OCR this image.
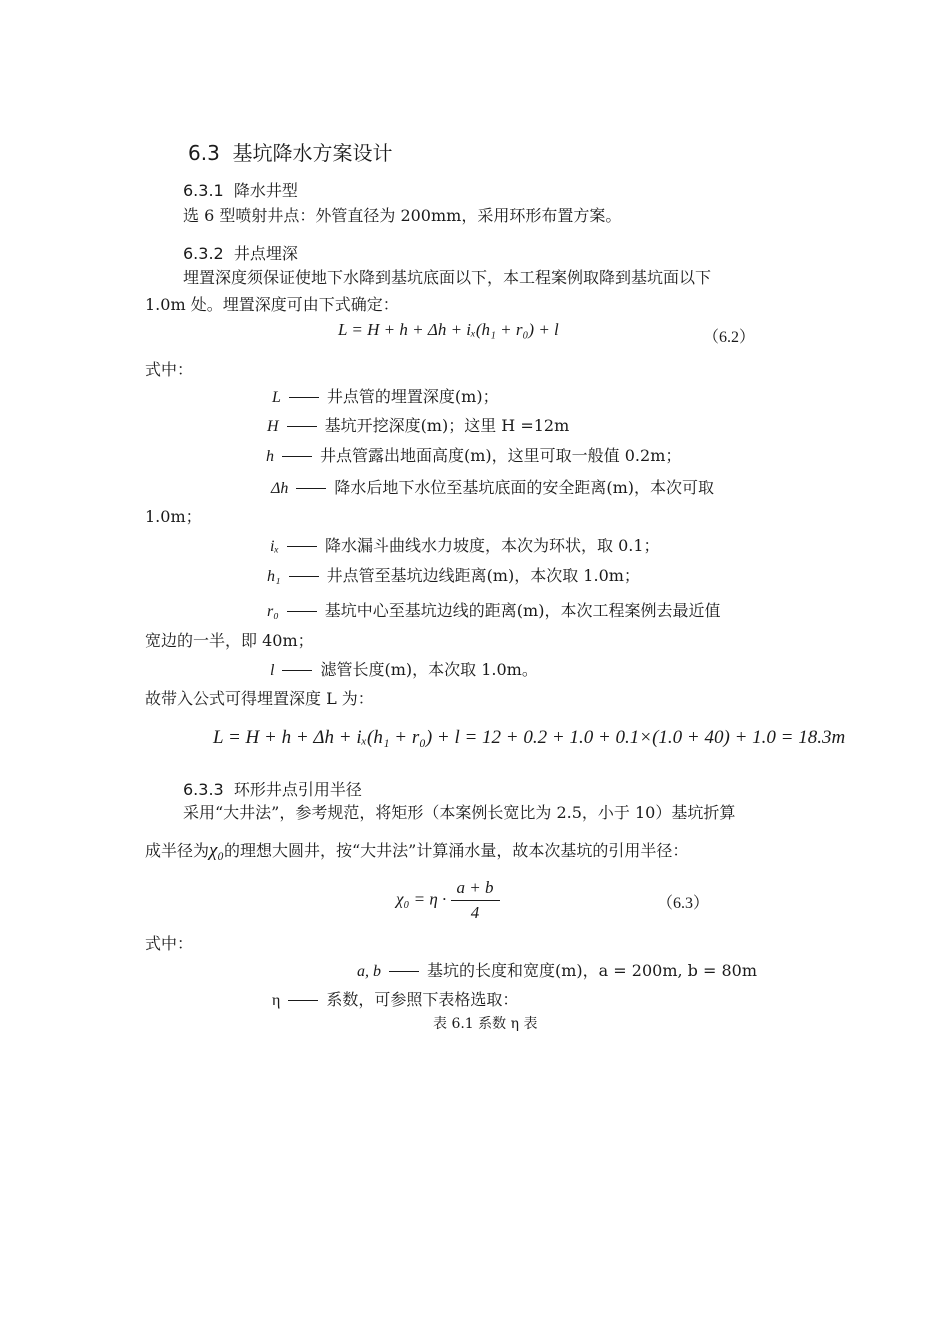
6.3 基坑降水方案设计
6.3.1 降水井型
选 6 型喷射井点：外管直径为 200mm，采用环形布置方案。
6.3.2 井点埋深
埋置深度须保证使地下水降到基坑底面以下，本工程案例取降到基坑面以下
1.0m 处。埋置深度可由下式确定：
L = H + h + Δh + iₓ(h₁ + r₀) + l	（6.2）
式中：
L	井点管的埋置深度(m)；
H	基坑开挖深度(m)；这里 H =12m
h	井点管露出地面高度(m)，这里可取一般值 0.2m；
Δh	降水后地下水位至基坑底面的安全距离(m)，本次可取
1.0m；
iₓ	降水漏斗曲线水力坡度，本次为环状，取 0.1；
h₁	井点管至基坑边线距离(m)，本次取 1.0m；
r₀	基坑中心至基坑边线的距离(m)，本次工程案例去最近值
宽边的一半，即 40m；
l	滤管长度(m)，本次取 1.0m。
故带入公式可得埋置深度 L 为：
L = H + h + Δh + iₓ(h₁ + r₀) + l = 12 + 0.2 + 1.0 + 0.1×(1.0 + 40) + 1.0 = 18.3m
6.3.3 环形井点引用半径
采用“大井法”，参考规范，将矩形（本案例长宽比为 2.5，小于 10）基坑折算
成半径为χ₀的理想大圆井，按“大井法”计算涌水量，故本次基坑的引用半径：
$\chi_0 = \eta \cdot \frac{a + b}{4}$	（6.3）
式中：
a, b	基坑的长度和宽度(m)，a = 200m, b = 80m
η	系数，可参照下表格选取：
表 6.1 系数 η 表
